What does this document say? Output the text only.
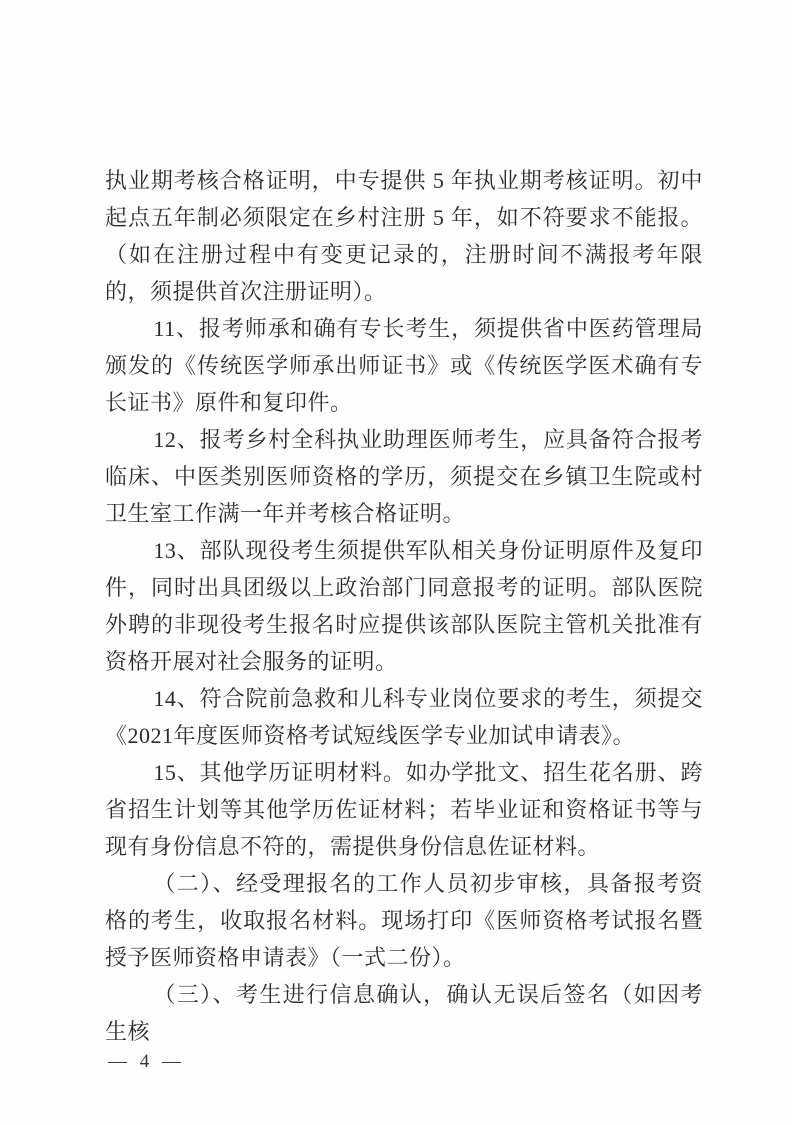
执业期考核合格证明，中专提供 5 年执业期考核证明。初中起点五年制必须限定在乡村注册 5 年，如不符要求不能报。（如在注册过程中有变更记录的，注册时间不满报考年限的，须提供首次注册证明）。

11、报考师承和确有专长考生，须提供省中医药管理局颁发的《传统医学师承出师证书》或《传统医学医术确有专长证书》原件和复印件。

12、报考乡村全科执业助理医师考生，应具备符合报考临床、中医类别医师资格的学历，须提交在乡镇卫生院或村卫生室工作满一年并考核合格证明。

13、部队现役考生须提供军队相关身份证明原件及复印件，同时出具团级以上政治部门同意报考的证明。部队医院外聘的非现役考生报名时应提供该部队医院主管机关批准有资格开展对社会服务的证明。

14、符合院前急救和儿科专业岗位要求的考生，须提交《2021年度医师资格考试短线医学专业加试申请表》。

15、其他学历证明材料。如办学批文、招生花名册、跨省招生计划等其他学历佐证材料；若毕业证和资格证书等与现有身份信息不符的，需提供身份信息佐证材料。

（二）、经受理报名的工作人员初步审核，具备报考资格的考生，收取报名材料。现场打印《医师资格考试报名暨授予医师资格申请表》（一式二份）。

（三）、考生进行信息确认，确认无误后签名（如因考生核

— 4 —
